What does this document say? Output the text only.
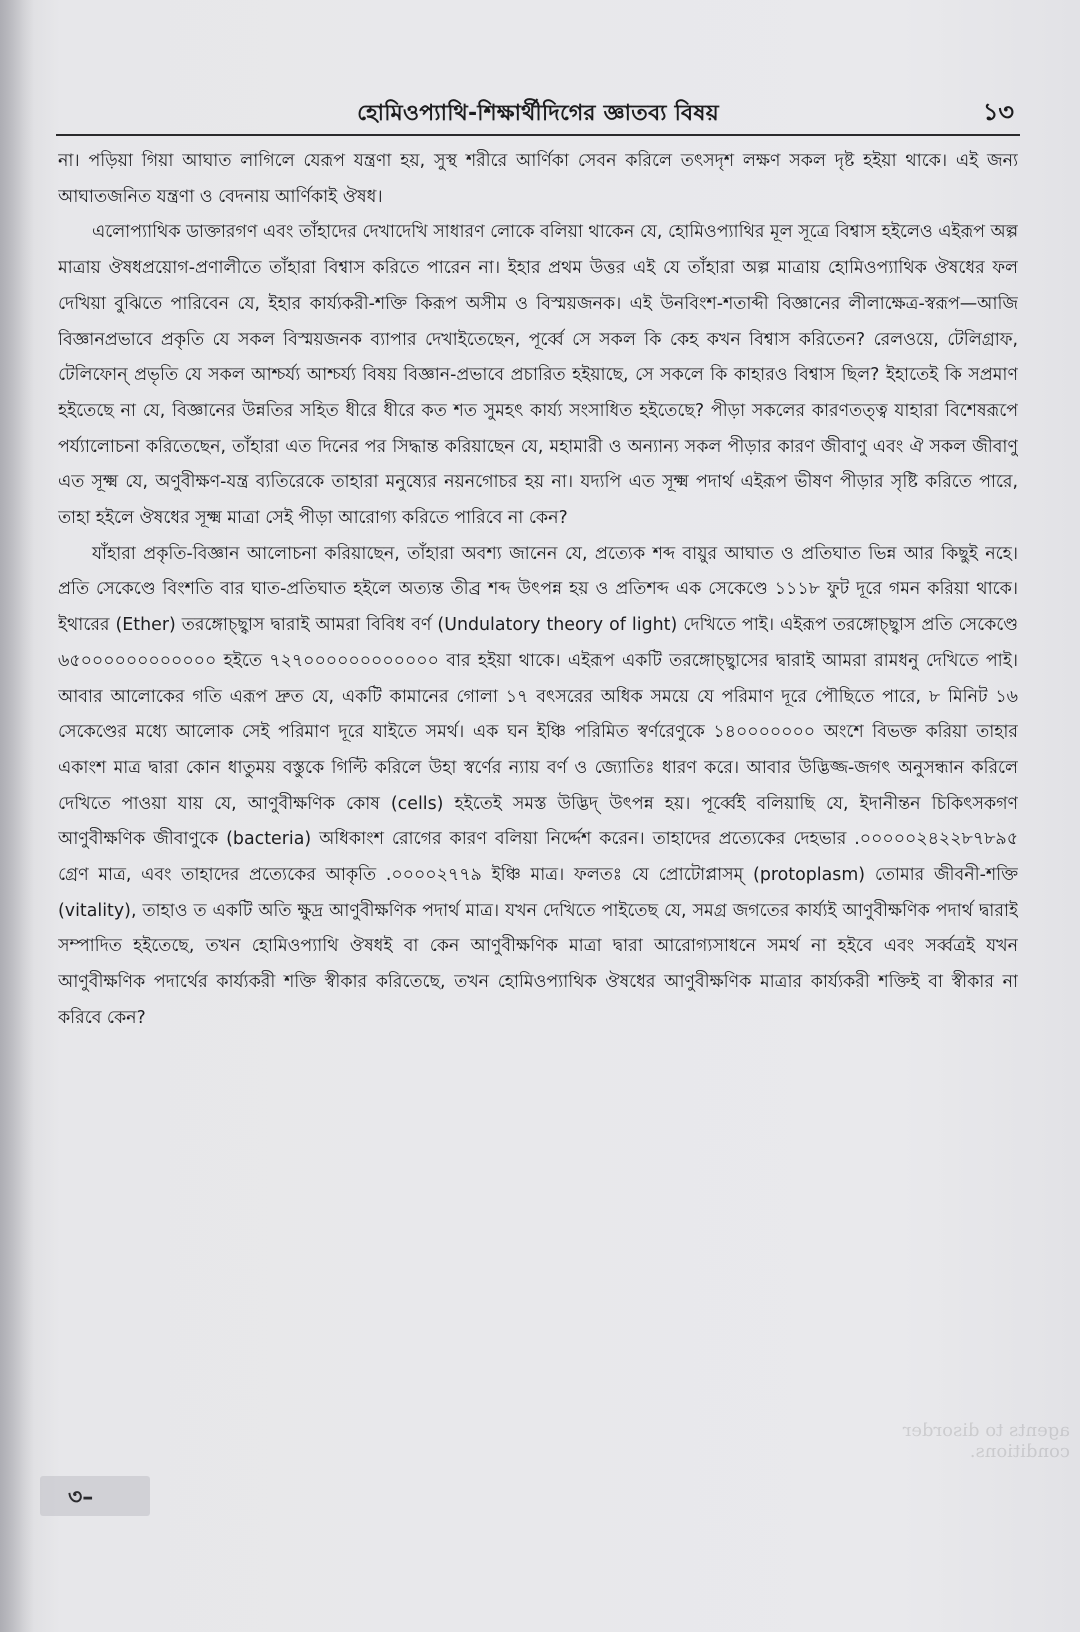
হোমিওপ্যাথি-শিক্ষার্থীদিগের জ্ঞাতব্য বিষয়	১৩

না। পড়িয়া গিয়া আঘাত লাগিলে যেরূপ যন্ত্রণা হয়, সুস্থ শরীরে আর্ণিকা সেবন করিলে তৎসদৃশ লক্ষণ সকল দৃষ্ট হইয়া থাকে। এই জন্য আঘাতজনিত যন্ত্রণা ও বেদনায় আর্ণিকাই ঔষধ।

এলোপ্যাথিক ডাক্তারগণ এবং তাঁহাদের দেখাদেখি সাধারণ লোকে বলিয়া থাকেন যে, হোমিওপ্যাথির মূল সূত্রে বিশ্বাস হইলেও এইরূপ অল্প মাত্রায় ঔষধপ্রয়োগ-প্রণালীতে তাঁহারা বিশ্বাস করিতে পারেন না। ইহার প্রথম উত্তর এই যে তাঁহারা অল্প মাত্রায় হোমিওপ্যাথিক ঔষধের ফল দেখিয়া বুঝিতে পারিবেন যে, ইহার কার্য্যকরী-শক্তি কিরূপ অসীম ও বিস্ময়জনক। এই উনবিংশ-শতাব্দী বিজ্ঞানের লীলাক্ষেত্র-স্বরূপ—আজি বিজ্ঞানপ্রভাবে প্রকৃতি যে সকল বিস্ময়জনক ব্যাপার দেখাইতেছেন, পূর্ব্বে সে সকল কি কেহ কখন বিশ্বাস করিতেন? রেলওয়ে, টেলিগ্রাফ, টেলিফোন্ প্রভৃতি যে সকল আশ্চর্য্য আশ্চর্য্য বিষয় বিজ্ঞান-প্রভাবে প্রচারিত হইয়াছে, সে সকলে কি কাহারও বিশ্বাস ছিল? ইহাতেই কি সপ্রমাণ হইতেছে না যে, বিজ্ঞানের উন্নতির সহিত ধীরে ধীরে কত শত সুমহৎ কার্য্য সংসাধিত হইতেছে? পীড়া সকলের কারণতত্ত্ব যাহারা বিশেষরূপে পর্য্যালোচনা করিতেছেন, তাঁহারা এত দিনের পর সিদ্ধান্ত করিয়াছেন যে, মহামারী ও অন্যান্য সকল পীড়ার কারণ জীবাণু এবং ঐ সকল জীবাণু এত সূক্ষ্ম যে, অণুবীক্ষণ-যন্ত্র ব্যতিরেকে তাহারা মনুষ্যের নয়নগোচর হয় না। যদ্যপি এত সূক্ষ্ম পদার্থ এইরূপ ভীষণ পীড়ার সৃষ্টি করিতে পারে, তাহা হইলে ঔষধের সূক্ষ্ম মাত্রা সেই পীড়া আরোগ্য করিতে পারিবে না কেন?

যাঁহারা প্রকৃতি-বিজ্ঞান আলোচনা করিয়াছেন, তাঁহারা অবশ্য জানেন যে, প্রত্যেক শব্দ বায়ুর আঘাত ও প্রতিঘাত ভিন্ন আর কিছুই নহে। প্রতি সেকেণ্ডে বিংশতি বার ঘাত-প্রতিঘাত হইলে অত্যন্ত তীব্র শব্দ উৎপন্ন হয় ও প্রতিশব্দ এক সেকেণ্ডে ১১১৮ ফুট দূরে গমন করিয়া থাকে। ইথারের (Ether) তরঙ্গোচ্ছ্বাস দ্বারাই আমরা বিবিধ বর্ণ (Undulatory theory of light) দেখিতে পাই। এইরূপ তরঙ্গোচ্ছ্বাস প্রতি সেকেণ্ডে ৬৫০০০০০০০০০০০০ হইতে ৭২৭০০০০০০০০০০০০ বার হইয়া থাকে। এইরূপ একটি তরঙ্গোচ্ছ্বাসের দ্বারাই আমরা রামধনু দেখিতে পাই। আবার আলোকের গতি এরূপ দ্রুত যে, একটি কামানের গোলা ১৭ বৎসরের অধিক সময়ে যে পরিমাণ দূরে পৌছিতে পারে, ৮ মিনিট ১৬ সেকেণ্ডের মধ্যে আলোক সেই পরিমাণ দূরে যাইতে সমর্থ। এক ঘন ইঞ্চি পরিমিত স্বর্ণরেণুকে ১৪০০০০০০০ অংশে বিভক্ত করিয়া তাহার একাংশ মাত্র দ্বারা কোন ধাতুময় বস্তুকে গিল্টি করিলে উহা স্বর্ণের ন্যায় বর্ণ ও জ্যোতিঃ ধারণ করে। আবার উদ্ভিজ্জ-জগৎ অনুসন্ধান করিলে দেখিতে পাওয়া যায় যে, আণুবীক্ষণিক কোষ (cells) হইতেই সমস্ত উদ্ভিদ্ উৎপন্ন হয়। পূর্ব্বেই বলিয়াছি যে, ইদানীন্তন চিকিৎসকগণ আণুবীক্ষণিক জীবাণুকে (bacteria) অধিকাংশ রোগের কারণ বলিয়া নির্দ্দেশ করেন। তাহাদের প্রত্যেকের দেহভার .০০০০০২৪২২৮৭৮৯৫ গ্রেণ মাত্র, এবং তাহাদের প্রত্যেকের আকৃতি .০০০০২৭৭৯ ইঞ্চি মাত্র। ফলতঃ যে প্রোটোপ্লাসম্ (protoplasm) তোমার জীবনী-শক্তি (vitality), তাহাও ত একটি অতি ক্ষুদ্র আণুবীক্ষণিক পদার্থ মাত্র। যখন দেখিতে পাইতেছ যে, সমগ্র জগতের কার্য্যই আণুবীক্ষণিক পদার্থ দ্বারাই সম্পাদিত হইতেছে, তখন হোমিওপ্যাথি ঔষধই বা কেন আণুবীক্ষণিক মাত্রা দ্বারা আরোগ্যসাধনে সমর্থ না হইবে এবং সর্ব্বত্রই যখন আণুবীক্ষণিক পদার্থের কার্য্যকরী শক্তি স্বীকার করিতেছে, তখন হোমিওপ্যাথিক ঔষধের আণুবীক্ষণিক মাত্রার কার্য্যকরী শক্তিই বা স্বীকার না করিবে কেন?

agents to disorder conditions.
৩–
